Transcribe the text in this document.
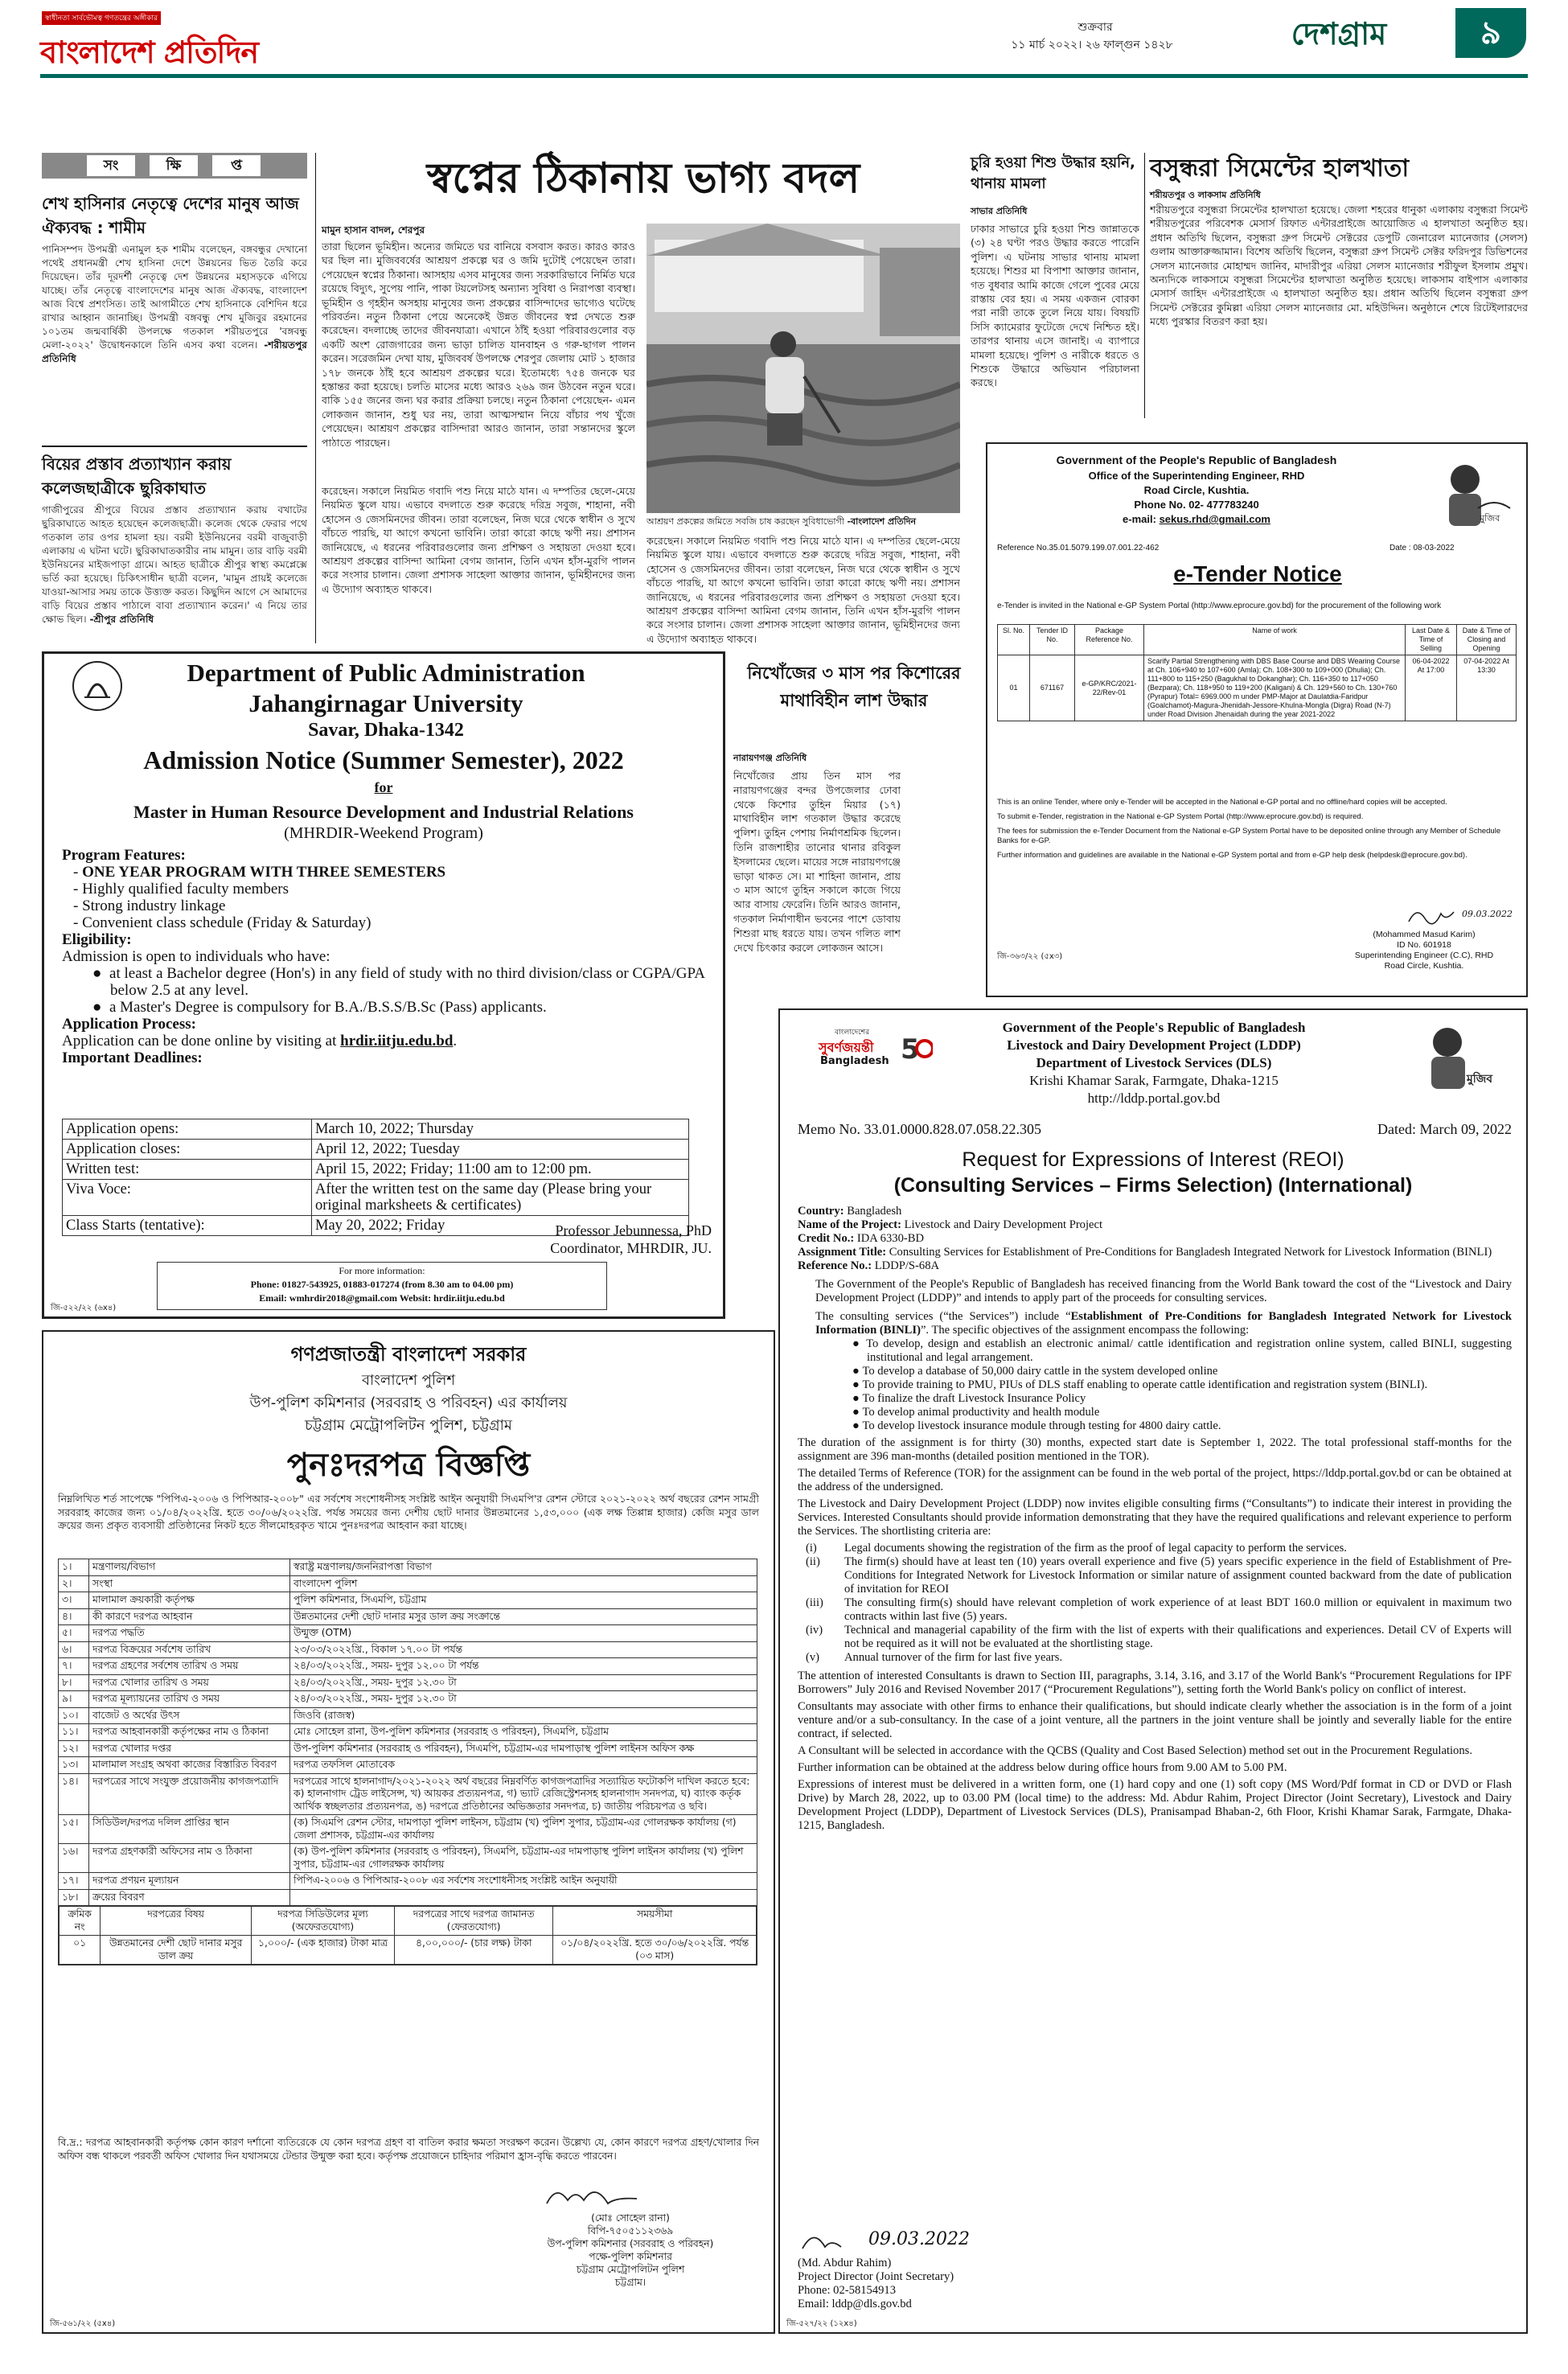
স্বাধীনতা সার্বভৌমত্ব গণতন্ত্রের অঙ্গীকার
বাংলাদেশ প্রতিদিন
শুক্রবার
১১ মার্চ ২০২২। ২৬ ফাল্গুন ১৪২৮	দেশগ্রাম	৯
সং	ক্ষি	প্ত
শেখ হাসিনার নেতৃত্বে দেশের মানুষ আজ ঐক্যবদ্ধ : শামীম
পানিসম্পদ উপমন্ত্রী এনামুল হক শামীম বলেছেন, বঙ্গবন্ধুর দেখানো পথেই প্রধানমন্ত্রী শেখ হাসিনা দেশে উন্নয়নের ভিত তৈরি করে দিয়েছেন। তাঁর দূরদর্শী নেতৃত্বে দেশ উন্নয়নের মহাসড়কে এগিয়ে যাচ্ছে। তাঁর নেতৃত্বে বাংলাদেশের মানুষ আজ ঐক্যবদ্ধ, বাংলাদেশ আজ বিশ্বে প্রশংসিত। তাই আগামীতে শেখ হাসিনাকে বেশিদিন ধরে রাখার আহ্বান জানাচ্ছি। উপমন্ত্রী বঙ্গবন্ধু শেখ মুজিবুর রহমানের ১০১তম জন্মবার্ষিকী উপলক্ষে গতকাল শরীয়তপুরে 'বঙ্গবন্ধু মেলা-২০২২' উদ্বোধনকালে তিনি এসব কথা বলেন। -শরীয়তপুর প্রতিনিধি
বিয়ের প্রস্তাব প্রত্যাখ্যান করায় কলেজছাত্রীকে ছুরিকাঘাত
গাজীপুরের শ্রীপুরে বিয়ের প্রস্তাব প্রত্যাখ্যান করায় বখাটের ছুরিকাঘাতে আহত হয়েছেন কলেজছাত্রী। কলেজ থেকে ফেরার পথে গতকাল তার ওপর হামলা হয়। বরমী ইউনিয়নের বরমী বাজুবাড়ী এলাকায় এ ঘটনা ঘটে। ছুরিকাঘাতকারীর নাম মামুন। তার বাড়ি বরমী ইউনিয়নের মাইজপাড়া গ্রামে। আহত ছাত্রীকে শ্রীপুর স্বাস্থ্য কমপ্লেক্সে ভর্তি করা হয়েছে। চিকিৎসাধীন ছাত্রী বলেন, 'মামুন প্রায়ই কলেজে যাওয়া-আসার সময় তাকে উত্ত্যক্ত করত। কিছুদিন আগে সে আমাদের বাড়ি বিয়ের প্রস্তাব পাঠালে বাবা প্রত্যাখ্যান করেন।' এ নিয়ে তার ক্ষোভ ছিল। -শ্রীপুর প্রতিনিধি
স্বপ্নের ঠিকানায় ভাগ্য বদল
মামুন হাসান বাদল, শেরপুর
তারা ছিলেন ভূমিহীন। অন্যের জমিতে ঘর বানিয়ে বসবাস করত। কারও কারও ঘর ছিল না। মুজিববর্ষের আশ্রয়ণ প্রকল্পে ঘর ও জমি দুটোই পেয়েছেন তারা। পেয়েছেন স্বপ্নের ঠিকানা। আসহায় এসব মানুষের জন্য সরকারিভাবে নির্মিত ঘরে রয়েছে বিদ্যুৎ, সুপেয় পানি, পাকা টয়লেটসহ অন্যান্য সুবিধা ও নিরাপত্তা ব্যবস্থা। ভূমিহীন ও গৃহহীন অসহায় মানুষের জন্য প্রকল্পের বাসিন্দাদের ভাগ্যেও ঘটেছে পরিবর্তন। নতুন ঠিকানা পেয়ে অনেকেই উন্নত জীবনের স্বপ্ন দেখতে শুরু করেছেন। বদলাচ্ছে তাদের জীবনযাত্রা। এখানে ঠাঁই হওয়া পরিবারগুলোর বড় একটি অংশ রোজগারের জন্য ভাড়া চালিত যানবাহন ও গরু-ছাগল পালন করেন। সরেজমিন দেখা যায়, মুজিববর্ষ উপলক্ষে শেরপুর জেলায় মোট ১ হাজার ১৭৮ জনকে ঠাঁই হবে আশ্রয়ণ প্রকল্পের ঘরে। ইতোমধ্যে ৭৫৪ জনকে ঘর হস্তান্তর করা হয়েছে। চলতি মাসের মধ্যে আরও ২৬৯ জন উঠবেন নতুন ঘরে। বাকি ১৫৫ জনের জন্য ঘর করার প্রক্রিয়া চলছে। নতুন ঠিকানা পেয়েছেন- এমন লোকজন জানান, শুধু ঘর নয়, তারা আত্মসম্মান নিয়ে বাঁচার পথ খুঁজে পেয়েছেন। আশ্রয়ণ প্রকল্পের বাসিন্দারা আরও জানান, তারা সন্তানদের স্কুলে পাঠাতে পারছেন।
করেছেন। সকালে নিয়মিত গবাদি পশু নিয়ে মাঠে যান। এ দম্পতির ছেলে-মেয়ে নিয়মিত স্কুলে যায়। এভাবে বদলাতে শুরু করেছে দরিদ্র সবুজ, শাহানা, নবী হোসেন ও জেসমিনদের জীবন। তারা বলেছেন, নিজ ঘরে থেকে স্বাধীন ও সুখে বাঁচতে পারছি, যা আগে কখনো ভাবিনি। তারা কারো কাছে ঋণী নয়। প্রশাসন জানিয়েছে, এ ধরনের পরিবারগুলোর জন্য প্রশিক্ষণ ও সহায়তা দেওয়া হবে। আশ্রয়ণ প্রকল্পের বাসিন্দা আমিনা বেগম জানান, তিনি এখন হাঁস-মুরগি পালন করে সংসার চালান। জেলা প্রশাসক সাহেলা আক্তার জানান, ভূমিহীনদের জন্য এ উদ্যোগ অব্যাহত থাকবে।
আশ্রয়ণ প্রকল্পের জমিতে সবজি চাষ করছেন সুবিধাভোগী -বাংলাদেশ প্রতিদিন
করেছেন। সকালে নিয়মিত গবাদি পশু নিয়ে মাঠে যান। এ দম্পতির ছেলে-মেয়ে নিয়মিত স্কুলে যায়। এভাবে বদলাতে শুরু করেছে দরিদ্র সবুজ, শাহানা, নবী হোসেন ও জেসমিনদের জীবন। তারা বলেছেন, নিজ ঘরে থেকে স্বাধীন ও সুখে বাঁচতে পারছি, যা আগে কখনো ভাবিনি। তারা কারো কাছে ঋণী নয়। প্রশাসন জানিয়েছে, এ ধরনের পরিবারগুলোর জন্য প্রশিক্ষণ ও সহায়তা দেওয়া হবে। আশ্রয়ণ প্রকল্পের বাসিন্দা আমিনা বেগম জানান, তিনি এখন হাঁস-মুরগি পালন করে সংসার চালান। জেলা প্রশাসক সাহেলা আক্তার জানান, ভূমিহীনদের জন্য এ উদ্যোগ অব্যাহত থাকবে।
চুরি হওয়া শিশু উদ্ধার হয়নি, থানায় মামলা
সাভার প্রতিনিধি
ঢাকার সাভারে চুরি হওয়া শিশু জান্নাতকে (৩) ২৪ ঘণ্টা পরও উদ্ধার করতে পারেনি পুলিশ। এ ঘটনায় সাভার থানায় মামলা হয়েছে। শিশুর মা বিপাশা আক্তার জানান, গত বুধবার আমি কাজে গেলে পুবের মেয়ে রাস্তায় বের হয়। এ সময় একজন বোরকা পরা নারী তাকে তুলে নিয়ে যায়। বিষয়টি সিসি ক্যামেরার ফুটেজে দেখে নিশ্চিত হই। তারপর থানায় এসে জানাই। এ ব্যাপারে মামলা হয়েছে। পুলিশ ও নারীকে ধরতে ও শিশুকে উদ্ধারে অভিযান পরিচালনা করছে।
বসুন্ধরা সিমেন্টের হালখাতা
শরীয়তপুর ও লাকসাম প্রতিনিধি
শরীয়তপুরে বসুন্ধরা সিমেন্টের হালখাতা হয়েছে। জেলা শহরের ধানুকা এলাকায় বসুন্ধরা সিমেন্ট শরীয়তপুরের পরিবেশক মেসার্স রিফাত এন্টারপ্রাইজে আয়োজিত এ হালখাতা অনুষ্ঠিত হয়। প্রধান অতিথি ছিলেন, বসুন্ধরা গ্রুপ সিমেন্ট সেক্টরের ডেপুটি জেনারেল ম্যানেজার (সেলস) গুলাম আক্তারুজ্জামান। বিশেষ অতিথি ছিলেন, বসুন্ধরা গ্রুপ সিমেন্ট সেক্টর ফরিদপুর ডিভিশনের সেলস ম্যানেজার মোহাম্মদ জানিব, মাদারীপুর এরিয়া সেলস ম্যানেজার শরীফুল ইসলাম প্রমুখ। অন্যদিকে লাকসামে বসুন্ধরা সিমেন্টের হালখাতা অনুষ্ঠিত হয়েছে। লাকসাম বাইপাস এলাকার মেসার্স জাহিদ এন্টারপ্রাইজে এ হালখাতা অনুষ্ঠিত হয়। প্রধান অতিথি ছিলেন বসুন্ধরা গ্রুপ সিমেন্ট সেক্টরের কুমিল্লা এরিয়া সেলস ম্যানেজার মো. মহিউদ্দিন। অনুষ্ঠানে শেষে রিটেইলারদের মধ্যে পুরস্কার বিতরণ করা হয়।
Government of the People's Republic of Bangladesh
Office of the Superintending Engineer, RHD
Road Circle, Kushtia.
Phone No. 02- 477783240
e-mail: sekus.rhd@gmail.com	মুজিব
Reference No.35.01.5079.199.07.001.22-462	Date : 08-03-2022
e-Tender Notice
e-Tender is invited in the National e-GP System Portal (http://www.eprocure.gov.bd) for the procurement of the following work
Sl. No.	Tender ID No.	Package Reference No.	Name of work	Last Date & Time of Selling	Date & Time of Closing and Opening
01	671167	e-GP/KRC/2021-22/Rev-01	Scarify Partial Strengthening with DBS Base Course and DBS Wearing Course at Ch. 106+940 to 107+600 (Amla); Ch. 108+300 to 109+000 (Dhulia); Ch. 111+800 to 115+250 (Bagukhal to Dokanghar); Ch. 116+350 to 117+050 (Bezpara); Ch. 118+950 to 119+200 (Kaligani) & Ch. 129+560 to Ch. 130+760 (Pyrapur) Total= 6969.000 m under PMP-Major at Daulatdia-Faridpur (Goalchamot)-Magura-Jhenidah-Jessore-Khulna-Mongla (Digra) Road (N-7) under Road Division Jhenaidah during the year 2021-2022	06-04-2022 At 17:00	07-04-2022 At 13:30

This is an online Tender, where only e-Tender will be accepted in the National e-GP portal and no offline/hard copies will be accepted.

To submit e-Tender, registration in the National e-GP System Portal (http://www.eprocure.gov.bd) is required.

The fees for submission the e-Tender Document from the National e-GP System Portal have to be deposited online through any Member of Schedule Banks for e-GP.

Further information and guidelines are available in the National e-GP System portal and from e-GP help desk (helpdesk@eprocure.gov.bd).

09.03.2022
(Mohammed Masud Karim)
ID No. 601918
Superintending Engineer (C.C), RHD
Road Circle, Kushtia.
জি-৩৬৩/২২ (৫x৩)
নিখোঁজের ৩ মাস পর কিশোরের মাথাবিহীন লাশ উদ্ধার
নারায়ণগঞ্জ প্রতিনিধি
নিখোঁজের প্রায় তিন মাস পর নারায়ণগঞ্জের বন্দর উপজেলার ঢোবা থেকে কিশোর তুহিন মিয়ার (১৭) মাথাবিহীন লাশ গতকাল উদ্ধার করেছে পুলিশ। তুহিন পেশায় নির্মাণশ্রমিক ছিলেন। তিনি রাজশাহীর তানোর থানার রবিকুল ইসলামের ছেলে। মায়ের সঙ্গে নারায়ণগঞ্জে ভাড়া থাকত সে। মা শাহিনা জানান, প্রায় ৩ মাস আগে তুহিন সকালে কাজে গিয়ে আর বাসায় ফেরেনি। তিনি আরও জানান, গতকাল নির্মাণাধীন ভবনের পাশে ডোবায় শিশুরা মাছ ধরতে যায়। তখন গলিত লাশ দেখে চিৎকার করলে লোকজন আসে।
Department of Public Administration
Jahangirnagar University
Savar, Dhaka-1342
Admission Notice (Summer Semester), 2022
for
Master in Human Resource Development and Industrial Relations
(MHRDIR-Weekend Program)
Program Features:
- ONE YEAR PROGRAM WITH THREE SEMESTERS
- Highly qualified faculty members
- Strong industry linkage
- Convenient class schedule (Friday & Saturday)
Eligibility:
Admission is open to individuals who have:
●  at least a Bachelor degree (Hon's) in any field of study with no third division/class or CGPA/GPA below 2.5 at any level.
●  a Master's Degree is compulsory for B.A./B.S.S/B.Sc (Pass) applicants.
Application Process:
Application can be done online by visiting at hrdir.iitju.edu.bd.
Important Deadlines:
Application opens:	March 10, 2022; Thursday
Application closes:	April 12, 2022; Tuesday
Written test:	April 15, 2022; Friday; 11:00 am to 12:00 pm.
Viva Voce:	After the written test on the same day (Please bring your original marksheets & certificates)
Class Starts (tentative):	May 20, 2022; Friday	Professor Jebunnessa, PhD
Coordinator, MHRDIR, JU.
For more information:
Phone: 01827-543925, 01883-017274 (from 8.30 am to 04.00 pm)
Email: wmhrdir2018@gmail.com Websit: hrdir.iitju.edu.bd
জি-৫২২/২২ (৬x৪)
গণপ্রজাতন্ত্রী বাংলাদেশ সরকার
বাংলাদেশ পুলিশ
উপ-পুলিশ কমিশনার (সরবরাহ ও পরিবহন) এর কার্যালয়
চট্টগ্রাম মেট্রোপলিটন পুলিশ, চট্টগ্রাম
পুনঃদরপত্র বিজ্ঞপ্তি
নিম্নলিখিত শর্ত সাপেক্ষে "পিপিএ-২০০৬ ও পিপিআর-২০০৮" এর সর্বশেষ সংশোধনীসহ সংশ্লিষ্ট আইন অনুযায়ী সিএমপি'র রেশন স্টোরে ২০২১-২০২২ অর্থ বছরের রেশন সামগ্রী সরবরাহ কাজের জন্য ০১/০৪/২০২২খ্রি. হতে ৩০/০৬/২০২২খ্রি. পর্যন্ত সময়ের জন্য দেশীয় ছোট দানার উন্নতমানের ১,৫৩,০০০ (এক লক্ষ তিপ্পান্ন হাজার) কেজি মসুর ডাল ক্রয়ের জন্য প্রকৃত ব্যবসায়ী প্রতিষ্ঠানের নিকট হতে সীলমোহরকৃত খামে পুনঃদরপত্র আহবান করা যাচ্ছে।
১।	মন্ত্রণালয়/বিভাগ	স্বরাষ্ট্র মন্ত্রণালয়/জননিরাপত্তা বিভাগ
২।	সংস্থা	বাংলাদেশ পুলিশ
৩।	মালামাল ক্রয়কারী কর্তৃপক্ষ	পুলিশ কমিশনার, সিএমপি, চট্টগ্রাম
৪।	কী কারণে দরপত্র আহবান	উন্নতমানের দেশী ছোট দানার মসুর ডাল ক্রয় সংক্রান্তে
৫।	দরপত্র পদ্ধতি	উন্মুক্ত (OTM)
৬।	দরপত্র বিক্রয়ের সর্বশেষ তারিখ	২৩/০৩/২০২২খ্রি., বিকাল ১৭.০০ টা পর্যন্ত
৭।	দরপত্র গ্রহণের সর্বশেষ তারিখ ও সময়	২৪/০৩/২০২২খ্রি., সময়- দুপুর ১২.০০ টা পর্যন্ত
৮।	দরপত্র খোলার তারিখ ও সময়	২৪/০৩/২০২২খ্রি., সময়- দুপুর ১২.৩০ টা
৯।	দরপত্র মূল্যায়নের তারিখ ও সময়	২৪/০৩/২০২২খ্রি., সময়- দুপুর ১২.৩০ টা
১০।	বাজেট ও অর্থের উৎস	জিওবি (রাজস্ব)
১১।	দরপত্র আহবানকারী কর্তৃপক্ষের নাম ও ঠিকানা	মোঃ সোহেল রানা, উপ-পুলিশ কমিশনার (সরবরাহ ও পরিবহন), সিএমপি, চট্টগ্রাম
১২।	দরপত্র খোলার দপ্তর	উপ-পুলিশ কমিশনার (সরবরাহ ও পরিবহন), সিএমপি, চট্টগ্রাম-এর দামপাড়াস্থ পুলিশ লাইনস অফিস কক্ষ
১৩।	মালামাল সংগ্রহ অথবা কাজের বিস্তারিত বিবরণ	দরপত্র তফসিল মোতাবেক
১৪।	দরপত্রের সাথে সংযুক্ত প্রয়োজনীয় কাগজপত্রাদি	দরপত্রের সাথে হালনাগাদ/২০২১-২০২২ অর্থ বছরের নিম্নবর্ণিত কাগজপত্রাদির সত্যায়িত ফটোকপি দাখিল করতে হবে: ক) হালনাগাদ ট্রেড লাইসেন্স, খ) আয়কর প্রত্যয়নপত্র, গ) ভ্যাট রেজিস্ট্রেশনসহ হালনাগাদ সনদপত্র, ঘ) ব্যাংক কর্তৃক আর্থিক স্বচ্ছলতার প্রত্যয়নপত্র, ঙ) দরপত্রে প্রতিষ্ঠানের অভিজ্ঞতার সনদপত্র, চ) জাতীয় পরিচয়পত্র ও ছবি।
১৫।	সিডিউল/দরপত্র দলিল প্রাপ্তির স্থান	(ক) সিএমপি রেশন স্টোর, দামপাড়া পুলিশ লাইনস, চট্টগ্রাম (খ) পুলিশ সুপার, চট্টগ্রাম-এর গোলরক্ষক কার্যালয় (গ) জেলা প্রশাসক, চট্টগ্রাম-এর কার্যালয়
১৬।	দরপত্র গ্রহণকারী অফিসের নাম ও ঠিকানা	(ক) উপ-পুলিশ কমিশনার (সরবরাহ ও পরিবহন), সিএমপি, চট্টগ্রাম-এর দামপাড়াস্থ পুলিশ লাইনস কার্যালয় (খ) পুলিশ সুপার, চট্টগ্রাম-এর গোলরক্ষক কার্যালয়
১৭।	দরপত্র প্রণয়ন মূল্যায়ন	পিপিএ-২০০৬ ও পিপিআর-২০০৮ এর সর্বশেষ সংশোধনীসহ সংশ্লিষ্ট আইন অনুযায়ী
১৮।	ক্রয়ের বিবরণ	

ক্রমিক নং	দরপত্রের বিষয়	দরপত্র সিডিউলের মূল্য (অফেরতযোগ্য)	দরপত্রের সাথে দরপত্র জামানত (ফেরতযোগ্য)	সময়সীমা
০১	উন্নতমানের দেশী ছোট দানার মসুর ডাল ক্রয়	১,০০০/- (এক হাজার) টাকা মাত্র	৪,০০,০০০/- (চার লক্ষ) টাকা	০১/০৪/২০২২খ্রি. হতে ৩০/০৬/২০২২খ্রি. পর্যন্ত (০৩ মাস)
বি.দ্র.: দরপত্র আহবানকারী কর্তৃপক্ষ কোন কারণ দর্শানো ব্যতিরেকে যে কোন দরপত্র গ্রহণ বা বাতিল করার ক্ষমতা সংরক্ষণ করেন। উল্লেখ্য যে, কোন কারণে দরপত্র গ্রহণ/খোলার দিন অফিস বন্ধ থাকলে পরবর্তী অফিস খোলার দিন যথাসময়ে টেন্ডার উন্মুক্ত করা হবে। কর্তৃপক্ষ প্রয়োজনে চাহিদার পরিমাণ হ্রাস-বৃদ্ধি করতে পারবেন।
(মোঃ সোহেল রানা)
বিপি-৭৫০৫১১২৩৬৯
উপ-পুলিশ কমিশনার (সরবরাহ ও পরিবহন)
পক্ষে-পুলিশ কমিশনার
চট্টগ্রাম মেট্রোপলিটন পুলিশ
চট্টগ্রাম।
জি-৫৬১/২২ (৫x৪)
বাংলাদেশের
সুবর্ণজয়ন্তী
Bangladesh 5
মুজিব
Government of the People's Republic of Bangladesh
Livestock and Dairy Development Project (LDDP)
Department of Livestock Services (DLS)
Krishi Khamar Sarak, Farmgate, Dhaka-1215
http://lddp.portal.gov.bd
Memo No. 33.01.0000.828.07.058.22.305	Dated: March 09, 2022
Request for Expressions of Interest (REOI)
(Consulting Services – Firms Selection) (International)
Country: Bangladesh
Name of the Project: Livestock and Dairy Development Project
Credit No.: IDA 6330-BD
Assignment Title: Consulting Services for Establishment of Pre-Conditions for Bangladesh Integrated Network for Livestock Information (BINLI)
Reference No.: LDDP/S-68A

The Government of the People's Republic of Bangladesh has received financing from the World Bank toward the cost of the “Livestock and Dairy Development Project (LDDP)” and intends to apply part of the proceeds for consulting services.

The consulting services (“the Services”) include “Establishment of Pre-Conditions for Bangladesh Integrated Network for Livestock Information (BINLI)”. The specific objectives of the assignment encompass the following:

● To develop, design and establish an electronic animal/ cattle identification and registration online system, called BINLI, suggesting institutional and legal arrangement.
● To develop a database of 50,000 dairy cattle in the system developed online
● To provide training to PMU, PIUs of DLS staff enabling to operate cattle identification and registration system (BINLI).
● To finalize the draft Livestock Insurance Policy
● To develop animal productivity and health module
● To develop livestock insurance module through testing for 4800 dairy cattle.

The duration of the assignment is for thirty (30) months, expected start date is September 1, 2022. The total professional staff-months for the assignment are 396 man-months (detailed position mentioned in the TOR).

The detailed Terms of Reference (TOR) for the assignment can be found in the web portal of the project, https://lddp.portal.gov.bd or can be obtained at the address of the undersigned.

The Livestock and Dairy Development Project (LDDP) now invites eligible consulting firms (“Consultants”) to indicate their interest in providing the Services. Interested Consultants should provide information demonstrating that they have the required qualifications and relevant experience to perform the Services. The shortlisting criteria are:

(i)	Legal documents showing the registration of the firm as the proof of legal capacity to perform the services.
(ii)	The firm(s) should have at least ten (10) years overall experience and five (5) years specific experience in the field of Establishment of Pre-Conditions for Integrated Network for Livestock Information or similar nature of assignment counted backward from the date of publication of invitation for REOI
(iii)	The consulting firm(s) should have relevant completion of work experience of at least BDT 160.0 million or equivalent in maximum two contracts within last five (5) years.
(iv)	Technical and managerial capability of the firm with the list of experts with their qualifications and experiences. Detail CV of Experts will not be required as it will not be evaluated at the shortlisting stage.
(v)	Annual turnover of the firm for last five years.

The attention of interested Consultants is drawn to Section III, paragraphs, 3.14, 3.16, and 3.17 of the World Bank's “Procurement Regulations for IPF Borrowers” July 2016 and Revised November 2017 (“Procurement Regulations”), setting forth the World Bank's policy on conflict of interest.

Consultants may associate with other firms to enhance their qualifications, but should indicate clearly whether the association is in the form of a joint venture and/or a sub-consultancy. In the case of a joint venture, all the partners in the joint venture shall be jointly and severally liable for the entire contract, if selected.

A Consultant will be selected in accordance with the QCBS (Quality and Cost Based Selection) method set out in the Procurement Regulations.

Further information can be obtained at the address below during office hours from 9.00 AM to 5.00 PM.

Expressions of interest must be delivered in a written form, one (1) hard copy and one (1) soft copy (MS Word/Pdf format in CD or DVD or Flash Drive) by March 28, 2022, up to 03.00 PM (local time) to the address: Md. Abdur Rahim, Project Director (Joint Secretary), Livestock and Dairy Development Project (LDDP), Department of Livestock Services (DLS), Pranisampad Bhaban-2, 6th Floor, Krishi Khamar Sarak, Farmgate, Dhaka-1215, Bangladesh.

09.03.2022
(Md. Abdur Rahim)
Project Director (Joint Secretary)
Phone: 02-58154913
Email: lddp@dls.gov.bd
জি-৫২৭/২২ (১২x৪)
